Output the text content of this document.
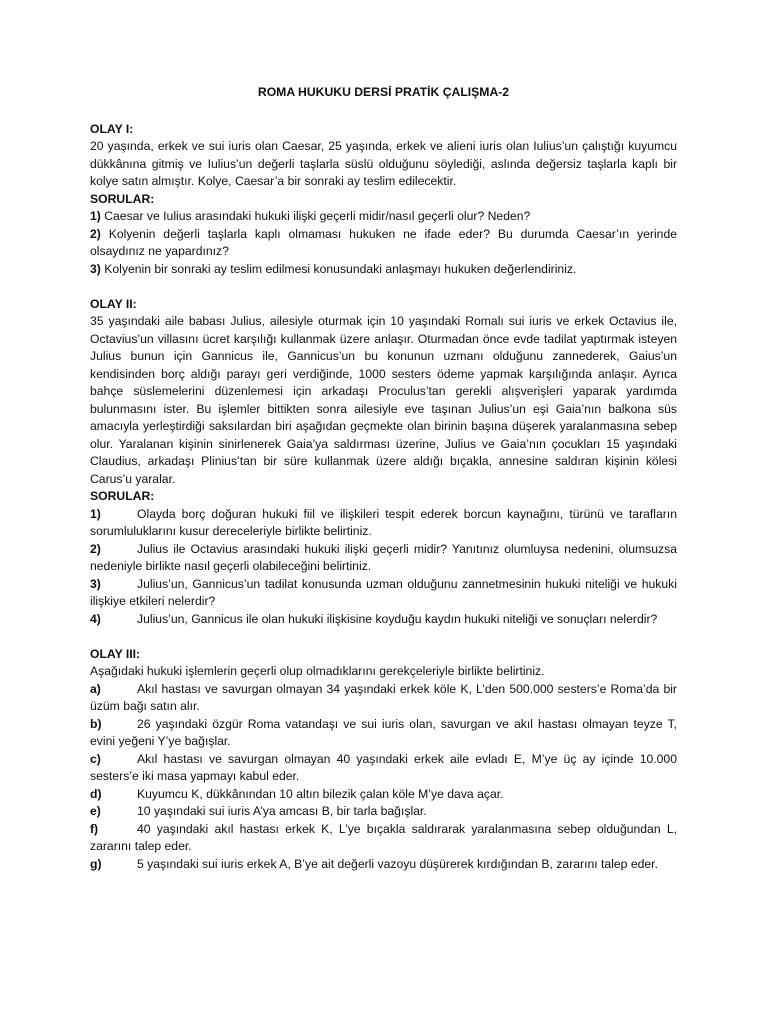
ROMA HUKUKU DERSİ PRATİK ÇALIŞMA-2

OLAY I:

20 yaşında, erkek ve sui iuris olan Caesar, 25 yaşında, erkek ve alieni iuris olan Iulius’un çalıştığı kuyumcu dükkânına gitmiş ve Iulius’un değerli taşlarla süslü olduğunu söylediği, aslında değersiz taşlarla kaplı bir kolye satın almıştır. Kolye, Caesar’a bir sonraki ay teslim edilecektir.

SORULAR:

1) Caesar ve Iulius arasındaki hukuki ilişki geçerli midir/nasıl geçerli olur? Neden?

2) Kolyenin değerli taşlarla kaplı olmaması hukuken ne ifade eder? Bu durumda Caesar’ın yerinde olsaydınız ne yapardınız?

3) Kolyenin bir sonraki ay teslim edilmesi konusundaki anlaşmayı hukuken değerlendiriniz.

OLAY II:

35 yaşındaki aile babası Julius, ailesiyle oturmak için 10 yaşındaki Romalı sui iuris ve erkek Octavius ile, Octavius’un villasını ücret karşılığı kullanmak üzere anlaşır. Oturmadan önce evde tadilat yaptırmak isteyen Julius bunun için Gannicus ile, Gannicus’un bu konunun uzmanı olduğunu zannederek, Gaius’un kendisinden borç aldığı parayı geri verdiğinde, 1000 sesters ödeme yapmak karşılığında anlaşır. Ayrıca bahçe süslemelerini düzenlemesi için arkadaşı Proculus’tan gerekli alışverişleri yaparak yardımda bulunmasını ister. Bu işlemler bittikten sonra ailesiyle eve taşınan Julius’un eşi Gaia’nın balkona süs amacıyla yerleştirdiği saksılardan biri aşağıdan geçmekte olan birinin başına düşerek yaralanmasına sebep olur. Yaralanan kişinin sinirlenerek Gaia’ya saldırması üzerine, Julius ve Gaia’nın çocukları 15 yaşındaki Claudius, arkadaşı Plinius’tan bir süre kullanmak üzere aldığı bıçakla, annesine saldıran kişinin kölesi Carus’u yaralar.

SORULAR:

1)	Olayda borç doğuran hukuki fiil ve ilişkileri tespit ederek borcun kaynağını, türünü ve tarafların sorumluluklarını kusur dereceleriyle birlikte belirtiniz.

2)	Julius ile Octavius arasındaki hukuki ilişki geçerli midir? Yanıtınız olumluysa nedenini, olumsuzsa nedeniyle birlikte nasıl geçerli olabileceğini belirtiniz.

3)	Julius’un, Gannicus’un tadilat konusunda uzman olduğunu zannetmesinin hukuki niteliği ve hukuki ilişkiye etkileri nelerdir?

4)	Julius’un, Gannicus ile olan hukuki ilişkisine koyduğu kaydın hukuki niteliği ve sonuçları nelerdir?

OLAY III:

Aşağıdaki hukuki işlemlerin geçerli olup olmadıklarını gerekçeleriyle birlikte belirtiniz.

a)	Akıl hastası ve savurgan olmayan 34 yaşındaki erkek köle K, L’den 500.000 sesters’e Roma’da bir üzüm bağı satın alır.

b)	26 yaşındaki özgür Roma vatandaşı ve sui iuris olan, savurgan ve akıl hastası olmayan teyze T, evini yeğeni Y’ye bağışlar.

c)	Akıl hastası ve savurgan olmayan 40 yaşındaki erkek aile evladı E, M’ye üç ay içinde 10.000 sesters’e iki masa yapmayı kabul eder.

d)	Kuyumcu K, dükkânından 10 altın bilezik çalan köle M’ye dava açar.

e)	10 yaşındaki sui iuris A’ya amcası B, bir tarla bağışlar.

f)	40 yaşındaki akıl hastası erkek K, L’ye bıçakla saldırarak yaralanmasına sebep olduğundan L, zararını talep eder.

g)	5 yaşındaki sui iuris erkek A, B’ye ait değerli vazoyu düşürerek kırdığından B, zararını talep eder.
